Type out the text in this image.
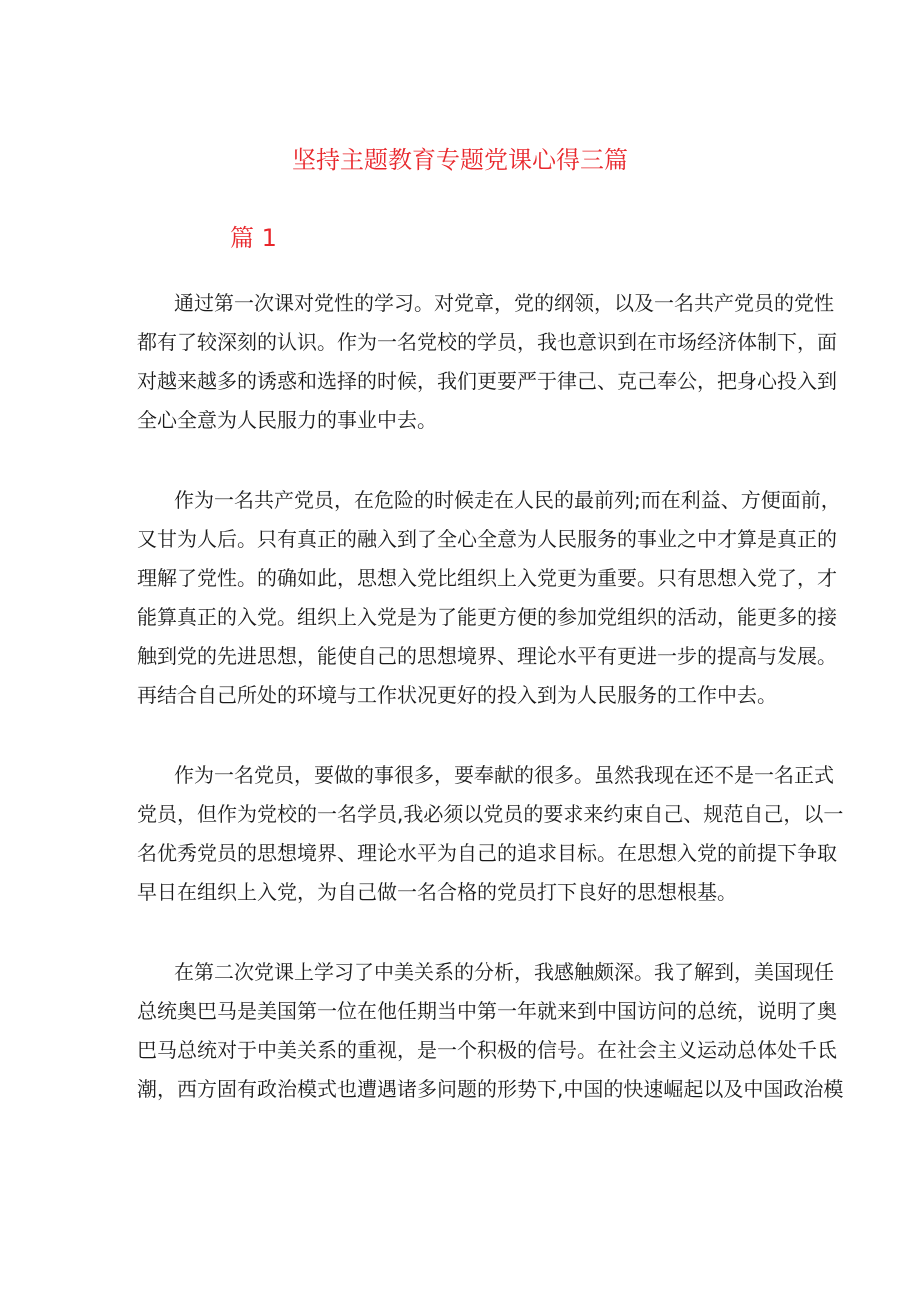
坚持主题教育专题党课心得三篇
篇 1

通过第一次课对党性的学习。对党章，党的纲领，以及一名共产党员的党性
都有了较深刻的认识。作为一名党校的学员，我也意识到在市场经济体制下，面
对越来越多的诱惑和选择的时候，我们更要严于律己、克己奉公，把身心投入到
全心全意为人民服力的事业中去。

作为一名共产党员，在危险的时候走在人民的最前列;而在利益、方便面前，
又甘为人后。只有真正的融入到了全心全意为人民服务的事业之中才算是真正的
理解了党性。的确如此，思想入党比组织上入党更为重要。只有思想入党了，才
能算真正的入党。组织上入党是为了能更方便的参加党组织的活动，能更多的接
触到党的先进思想，能使自己的思想境界、理论水平有更进一步的提高与发展。
再结合自己所处的环境与工作状况更好的投入到为人民服务的工作中去。

作为一名党员，要做的事很多，要奉献的很多。虽然我现在还不是一名正式
党员，但作为党校的一名学员,我必须以党员的要求来约束自己、规范自己，以一
名优秀党员的思想境界、理论水平为自己的追求目标。在思想入党的前提下争取
早日在组织上入党，为自己做一名合格的党员打下良好的思想根基。

在第二次党课上学习了中美关系的分析，我感触颇深。我了解到，美国现任
总统奥巴马是美国第一位在他任期当中第一年就来到中国访问的总统，说明了奥
巴马总统对于中美关系的重视，是一个积极的信号。在社会主义运动总体处千氐
潮，西方固有政治模式也遭遇诸多问题的形势下,中国的快速崛起以及中国政治模
